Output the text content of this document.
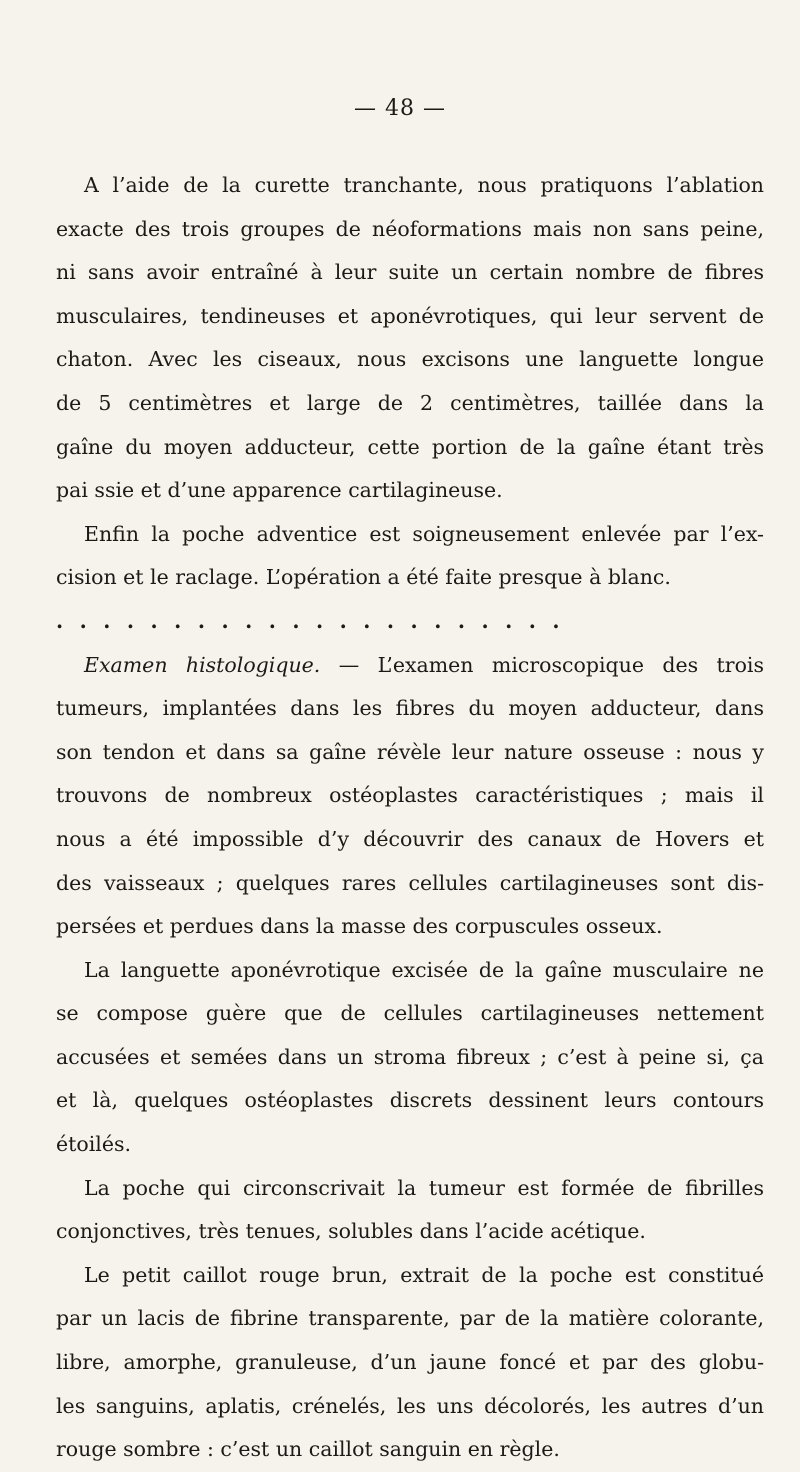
— 48 —
A l’aide de la curette tranchante, nous pratiquons l’ablation
exacte des trois groupes de néoformations mais non sans peine,
ni sans avoir entraîné à leur suite un certain nombre de fibres
musculaires, tendineuses et aponévrotiques, qui leur servent de
chaton. Avec les ciseaux, nous excisons une languette longue
de 5 centimètres et large de 2 centimètres, taillée dans la
gaîne du moyen adducteur, cette portion de la gaîne étant très
pai ssie et d’une apparence cartilagineuse.
Enfin la poche adventice est soigneusement enlevée par l’ex-
cision et le raclage. L’opération a été faite presque à blanc.
......................
Examen histologique. — L’examen microscopique des trois
tumeurs, implantées dans les fibres du moyen adducteur, dans
son tendon et dans sa gaîne révèle leur nature osseuse : nous y
trouvons de nombreux ostéoplastes caractéristiques ; mais il
nous a été impossible d’y découvrir des canaux de Hovers et
des vaisseaux ; quelques rares cellules cartilagineuses sont dis-
persées et perdues dans la masse des corpuscules osseux.
La languette aponévrotique excisée de la gaîne musculaire ne
se compose guère que de cellules cartilagineuses nettement
accusées et semées dans un stroma fibreux ; c’est à peine si, ça
et là, quelques ostéoplastes discrets dessinent leurs contours
étoilés.
La poche qui circonscrivait la tumeur est formée de fibrilles
conjonctives, très tenues, solubles dans l’acide acétique.
Le petit caillot rouge brun, extrait de la poche est constitué
par un lacis de fibrine transparente, par de la matière colorante,
libre, amorphe, granuleuse, d’un jaune foncé et par des globu-
les sanguins, aplatis, crénelés, les uns décolorés, les autres d’un
rouge sombre : c’est un caillot sanguin en règle.
